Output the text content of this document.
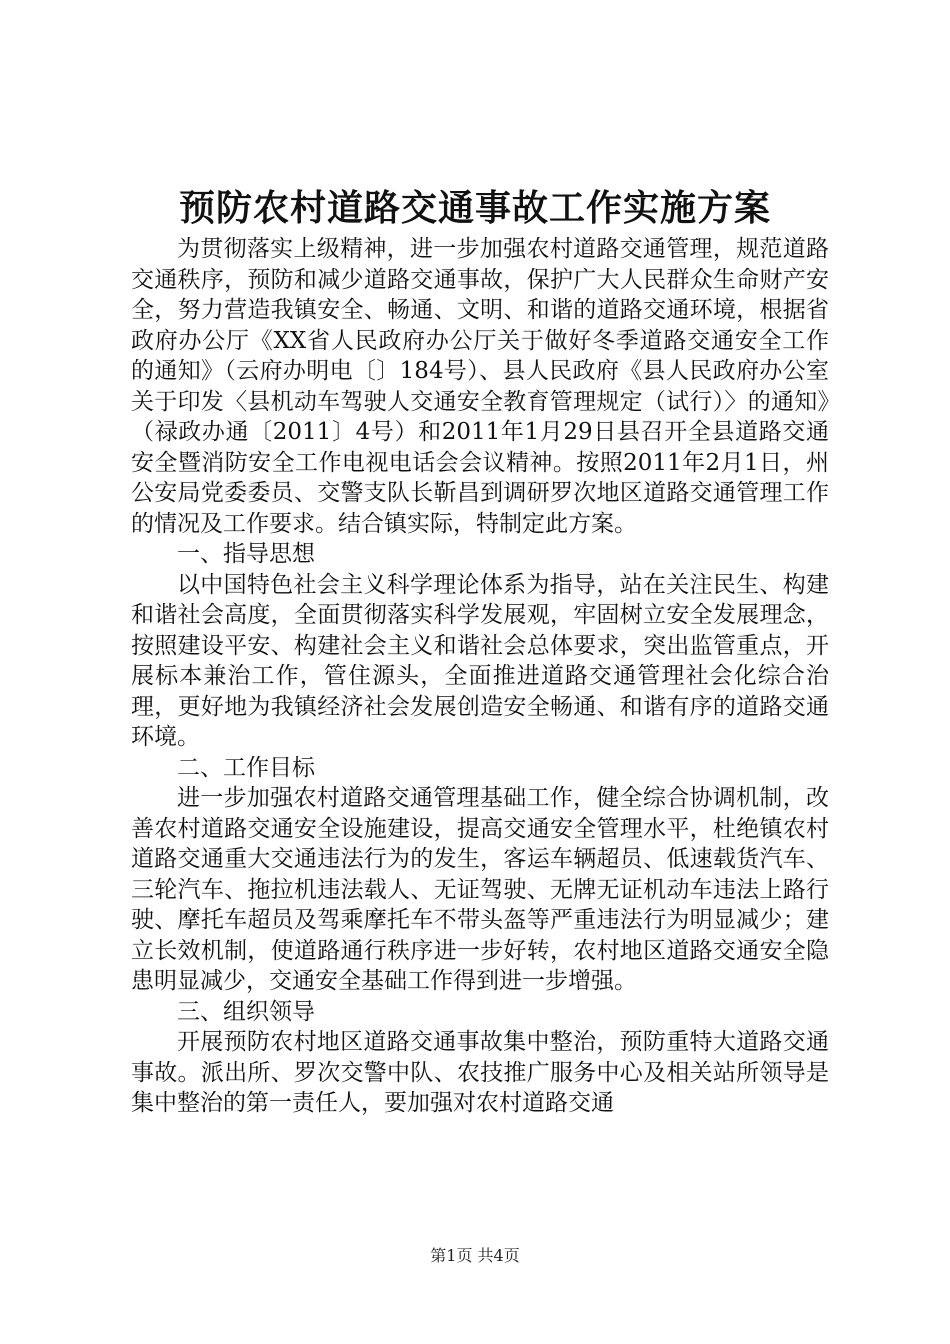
预防农村道路交通事故工作实施方案

为贯彻落实上级精神，进一步加强农村道路交通管理，规范道路交通秩序，预防和减少道路交通事故，保护广大人民群众生命财产安全，努力营造我镇安全、畅通、文明、和谐的道路交通环境，根据省政府办公厅《XX省人民政府办公厅关于做好冬季道路交通安全工作的通知》（云府办明电〔〕184号）、县人民政府《县人民政府办公室关于印发〈县机动车驾驶人交通安全教育管理规定（试行）〉的通知》（禄政办通〔2011〕4号）和2011年1月29日县召开全县道路交通安全暨消防安全工作电视电话会会议精神。按照2011年2月1日，州公安局党委委员、交警支队长靳昌到调研罗次地区道路交通管理工作的情况及工作要求。结合镇实际，特制定此方案。

一、指导思想

以中国特色社会主义科学理论体系为指导，站在关注民生、构建和谐社会高度，全面贯彻落实科学发展观，牢固树立安全发展理念，按照建设平安、构建社会主义和谐社会总体要求，突出监管重点，开展标本兼治工作，管住源头，全面推进道路交通管理社会化综合治理，更好地为我镇经济社会发展创造安全畅通、和谐有序的道路交通环境。

二、工作目标

进一步加强农村道路交通管理基础工作，健全综合协调机制，改善农村道路交通安全设施建设，提高交通安全管理水平，杜绝镇农村道路交通重大交通违法行为的发生，客运车辆超员、低速载货汽车、三轮汽车、拖拉机违法载人、无证驾驶、无牌无证机动车违法上路行驶、摩托车超员及驾乘摩托车不带头盔等严重违法行为明显减少；建立长效机制，使道路通行秩序进一步好转，农村地区道路交通安全隐患明显减少，交通安全基础工作得到进一步增强。

三、组织领导

开展预防农村地区道路交通事故集中整治，预防重特大道路交通事故。派出所、罗次交警中队、农技推广服务中心及相关站所领导是集中整治的第一责任人，要加强对农村道路交通

第1页 共4页
